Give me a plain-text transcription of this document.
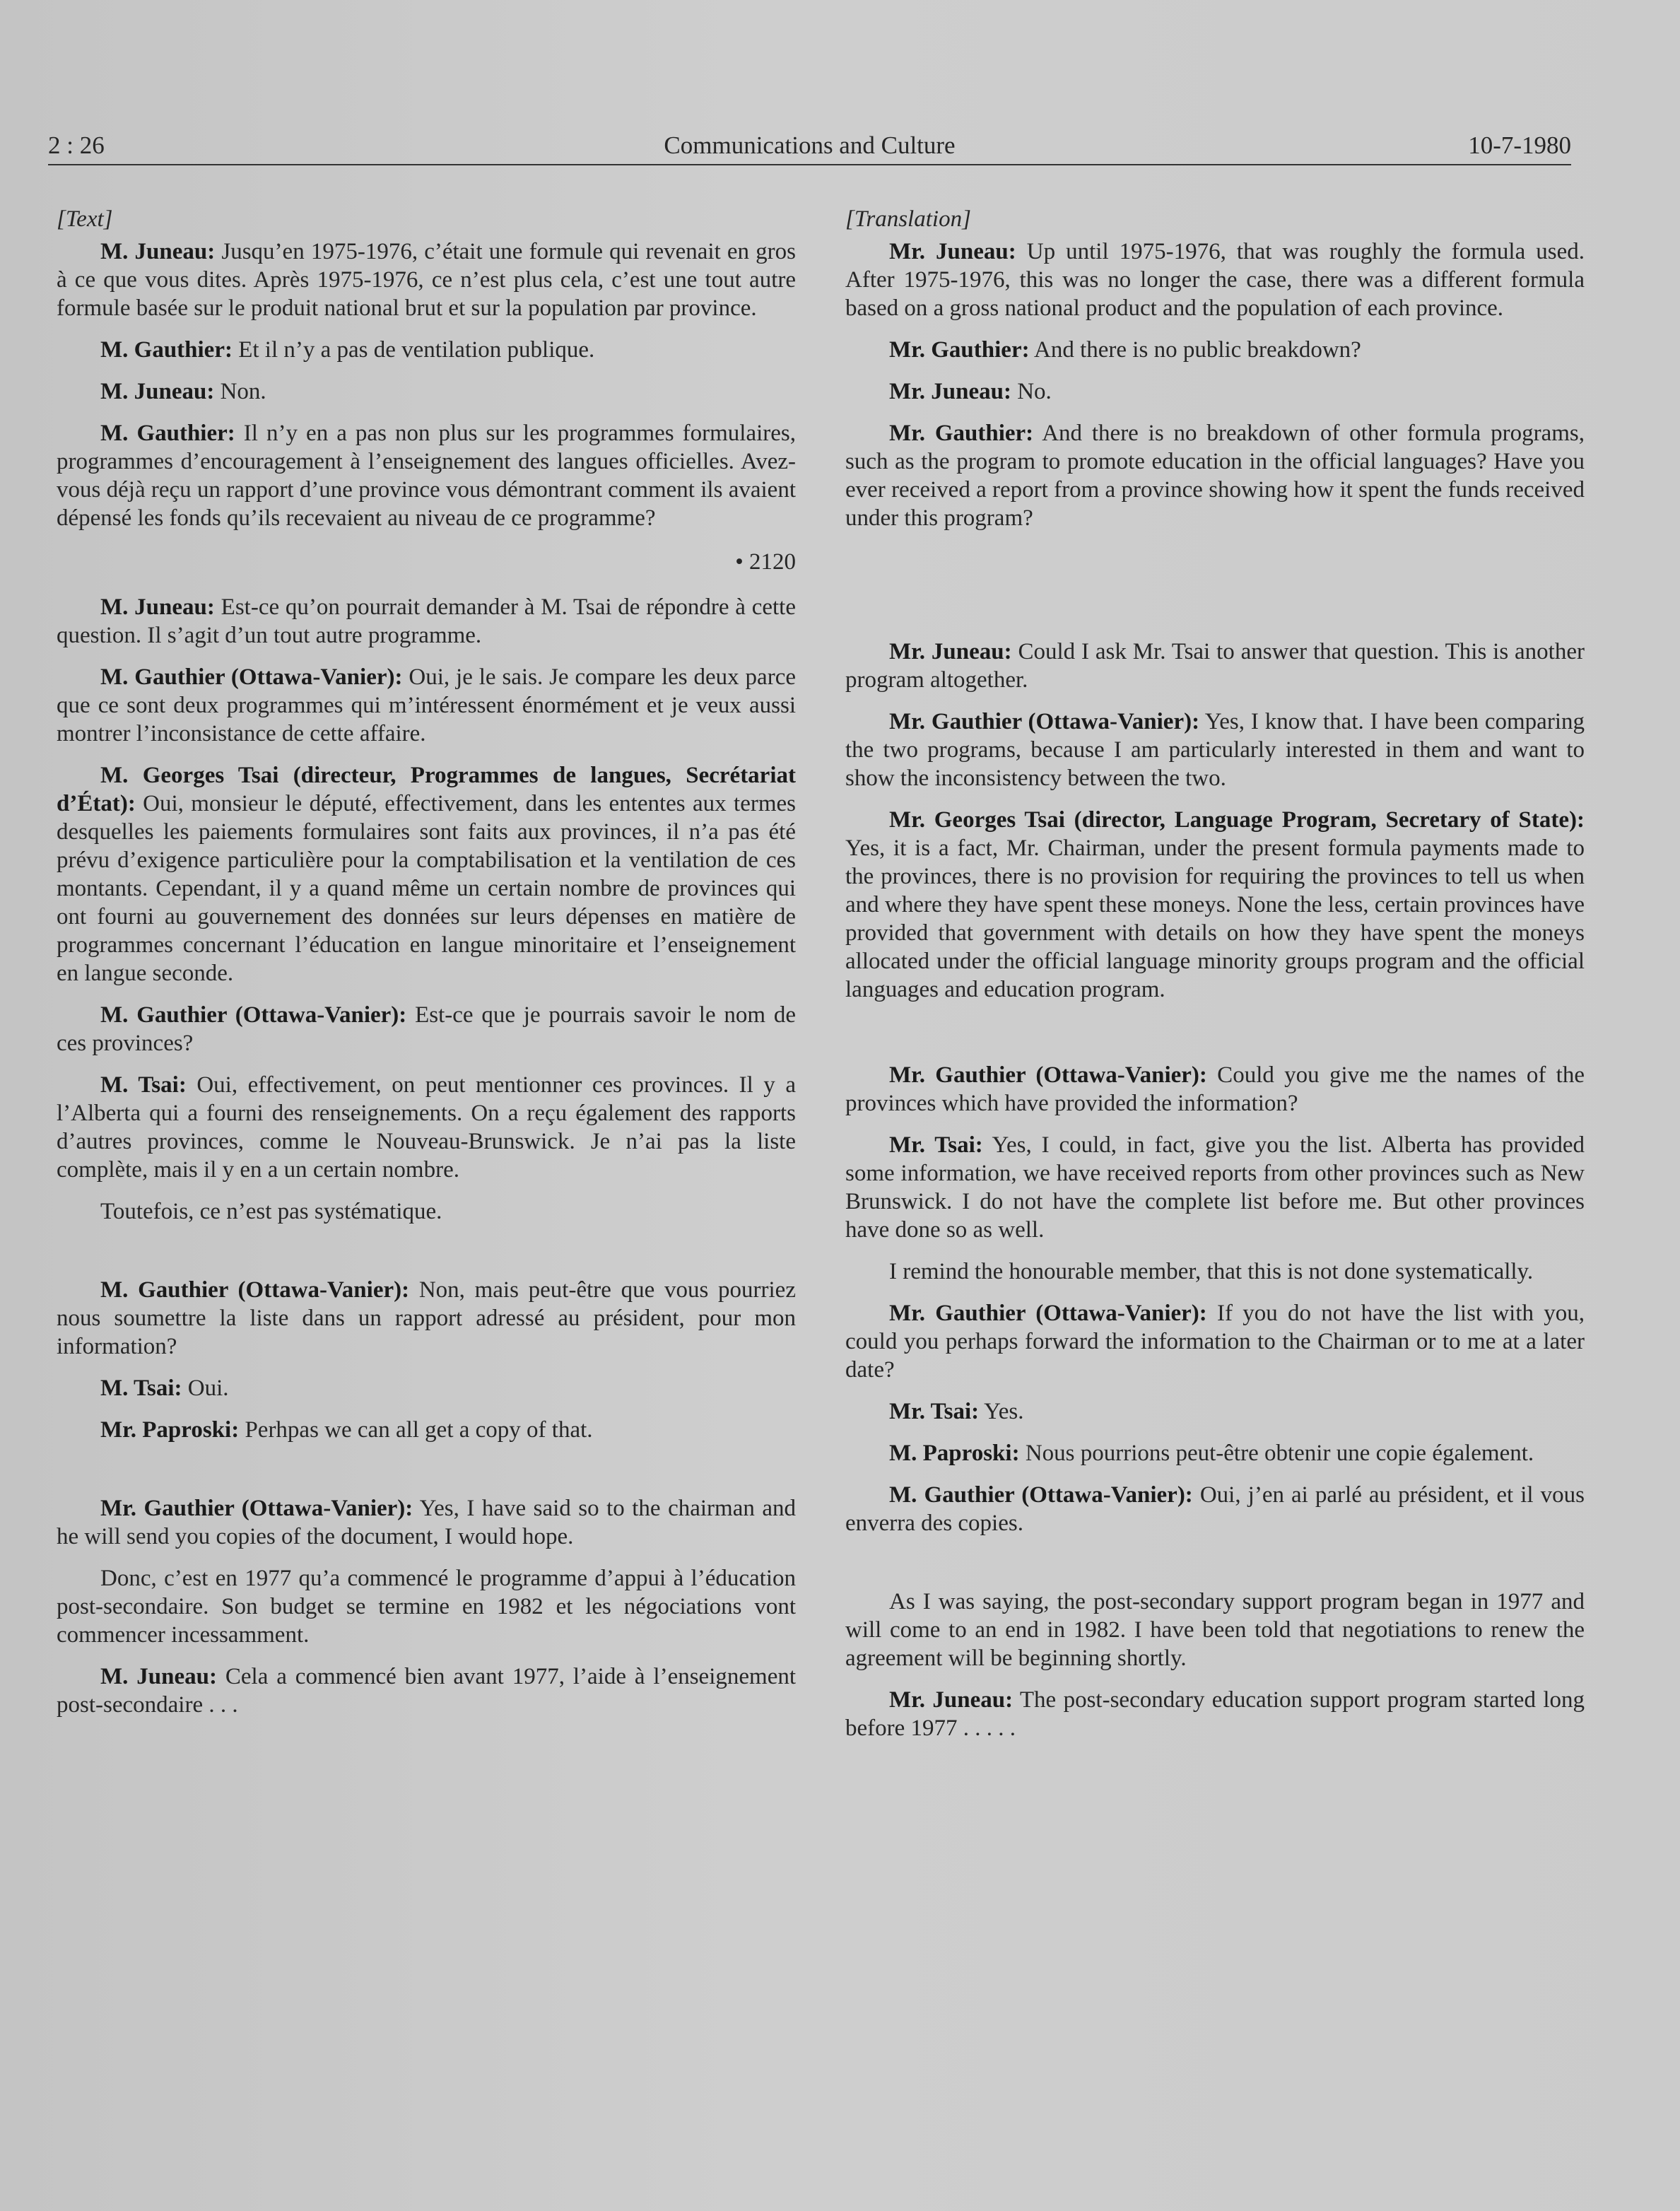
2 : 26	Communications and Culture	10-7-1980
[Text]

M. Juneau: Jusqu’en 1975-1976, c’était une formule qui revenait en gros à ce que vous dites. Après 1975-1976, ce n’est plus cela, c’est une tout autre formule basée sur le produit national brut et sur la population par province.

M. Gauthier: Et il n’y a pas de ventilation publique.

M. Juneau: Non.

M. Gauthier: Il n’y en a pas non plus sur les programmes formulaires, programmes d’encouragement à l’enseignement des langues officielles. Avez-vous déjà reçu un rapport d’une province vous démontrant comment ils avaient dépensé les fonds qu’ils recevaient au niveau de ce programme?

• 2120

M. Juneau: Est-ce qu’on pourrait demander à M. Tsai de répondre à cette question. Il s’agit d’un tout autre programme.

M. Gauthier (Ottawa-Vanier): Oui, je le sais. Je compare les deux parce que ce sont deux programmes qui m’intéressent énormément et je veux aussi montrer l’inconsistance de cette affaire.

M. Georges Tsai (directeur, Programmes de langues, Secrétariat d’État): Oui, monsieur le député, effectivement, dans les ententes aux termes desquelles les paiements formulaires sont faits aux provinces, il n’a pas été prévu d’exigence particulière pour la comptabilisation et la ventilation de ces montants. Cependant, il y a quand même un certain nombre de provinces qui ont fourni au gouvernement des données sur leurs dépenses en matière de programmes concernant l’éducation en langue minoritaire et l’enseignement en langue seconde.

M. Gauthier (Ottawa-Vanier): Est-ce que je pourrais savoir le nom de ces provinces?

M. Tsai: Oui, effectivement, on peut mentionner ces provinces. Il y a l’Alberta qui a fourni des renseignements. On a reçu également des rapports d’autres provinces, comme le Nouveau-Brunswick. Je n’ai pas la liste complète, mais il y en a un certain nombre.

Toutefois, ce n’est pas systématique.

M. Gauthier (Ottawa-Vanier): Non, mais peut-être que vous pourriez nous soumettre la liste dans un rapport adressé au président, pour mon information?

M. Tsai: Oui.

Mr. Paproski: Perhpas we can all get a copy of that.

Mr. Gauthier (Ottawa-Vanier): Yes, I have said so to the chairman and he will send you copies of the document, I would hope.

Donc, c’est en 1977 qu’a commencé le programme d’appui à l’éducation post-secondaire. Son budget se termine en 1982 et les négociations vont commencer incessamment.

M. Juneau: Cela a commencé bien avant 1977, l’aide à l’enseignement post-secondaire . . .

[Translation]

Mr. Juneau: Up until 1975-1976, that was roughly the formula used. After 1975-1976, this was no longer the case, there was a different formula based on a gross national product and the population of each province.

Mr. Gauthier: And there is no public breakdown?

Mr. Juneau: No.

Mr. Gauthier: And there is no breakdown of other formula programs, such as the program to promote education in the official languages? Have you ever received a report from a province showing how it spent the funds received under this program?

Mr. Juneau: Could I ask Mr. Tsai to answer that question. This is another program altogether.

Mr. Gauthier (Ottawa-Vanier): Yes, I know that. I have been comparing the two programs, because I am particularly interested in them and want to show the inconsistency between the two.

Mr. Georges Tsai (director, Language Program, Secretary of State): Yes, it is a fact, Mr. Chairman, under the present formula payments made to the provinces, there is no provision for requiring the provinces to tell us when and where they have spent these moneys. None the less, certain provinces have provided that government with details on how they have spent the moneys allocated under the official language minority groups program and the official languages and education program.

Mr. Gauthier (Ottawa-Vanier): Could you give me the names of the provinces which have provided the information?

Mr. Tsai: Yes, I could, in fact, give you the list. Alberta has provided some information, we have received reports from other provinces such as New Brunswick. I do not have the complete list before me. But other provinces have done so as well.

I remind the honourable member, that this is not done systematically.

Mr. Gauthier (Ottawa-Vanier): If you do not have the list with you, could you perhaps forward the information to the Chairman or to me at a later date?

Mr. Tsai: Yes.

M. Paproski: Nous pourrions peut-être obtenir une copie également.

M. Gauthier (Ottawa-Vanier): Oui, j’en ai parlé au président, et il vous enverra des copies.

As I was saying, the post-secondary support program began in 1977 and will come to an end in 1982. I have been told that negotiations to renew the agreement will be beginning shortly.

Mr. Juneau: The post-secondary education support program started long before 1977 . . . . .
